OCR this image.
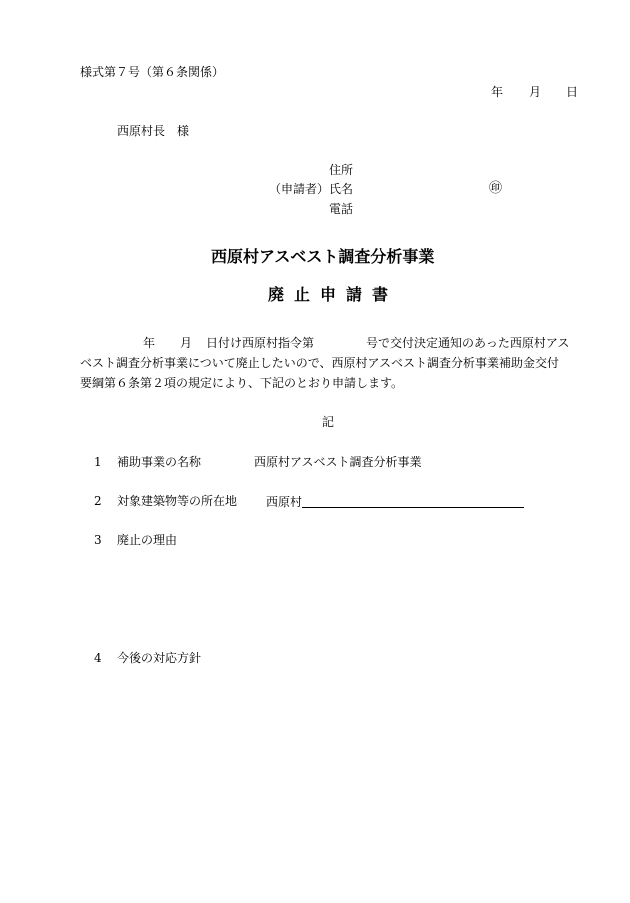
様式第７号（第６条関係）
年 月 日
西原村長　様
住所
（申請者） 氏名	㊞
電話
西原村アスベスト調査分析事業
廃止申請書
年 月 日付け西原村指令第	号で交付決定通知のあった西原村アス
ベスト調査分析事業について廃止したいので、西原村アスベスト調査分析事業補助金交付
要綱第６条第２項の規定により、下記のとおり申請します。
記
1 補助事業の名称	西原村アスベスト調査分析事業
2 対象建築物等の所在地 西原村
3 廃止の理由
4 今後の対応方針
